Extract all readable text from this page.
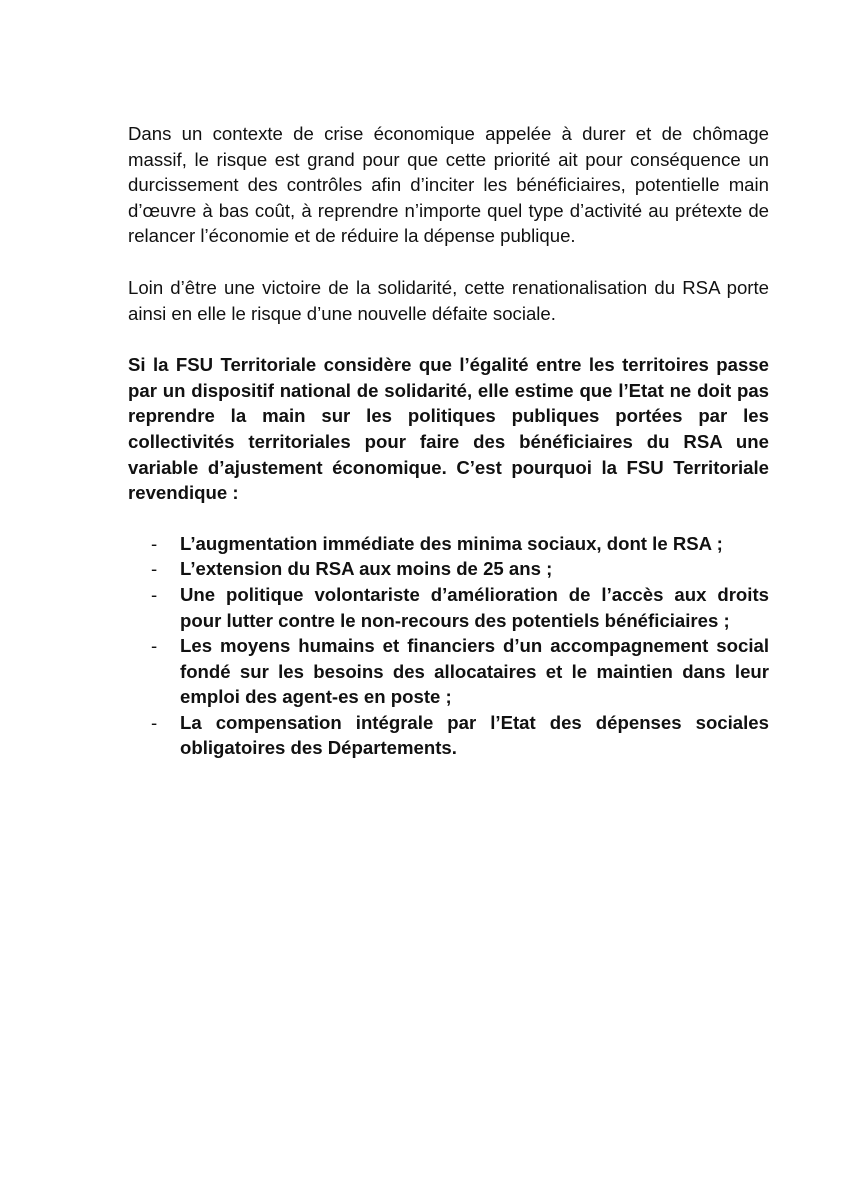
Dans un contexte de crise économique appelée à durer et de chômage massif, le risque est grand pour que cette priorité ait pour conséquence un durcissement des contrôles afin d’inciter les bénéficiaires, potentielle main d’œuvre à bas coût, à reprendre n’importe quel type d’activité au prétexte de relancer l’économie et de réduire la dépense publique.

Loin d’être une victoire de la solidarité, cette renationalisation du RSA porte ainsi en elle le risque d’une nouvelle défaite sociale.

Si la FSU Territoriale considère que l’égalité entre les territoires passe par un dispositif national de solidarité, elle estime que l’Etat ne doit pas reprendre la main sur les politiques publiques portées par les collectivités territoriales pour faire des bénéficiaires du RSA une variable d’ajustement économique. C’est pourquoi la FSU Territoriale revendique :

- L’augmentation immédiate des minima sociaux, dont le RSA ;
- L’extension du RSA aux moins de 25 ans ;
- Une politique volontariste d’amélioration de l’accès aux droits pour lutter contre le non-recours des potentiels bénéficiaires ;
- Les moyens humains et financiers d’un accompagnement social fondé sur les besoins des allocataires et le maintien dans leur emploi des agent-es en poste ;
- La compensation intégrale par l’Etat des dépenses sociales obligatoires des Départements.
